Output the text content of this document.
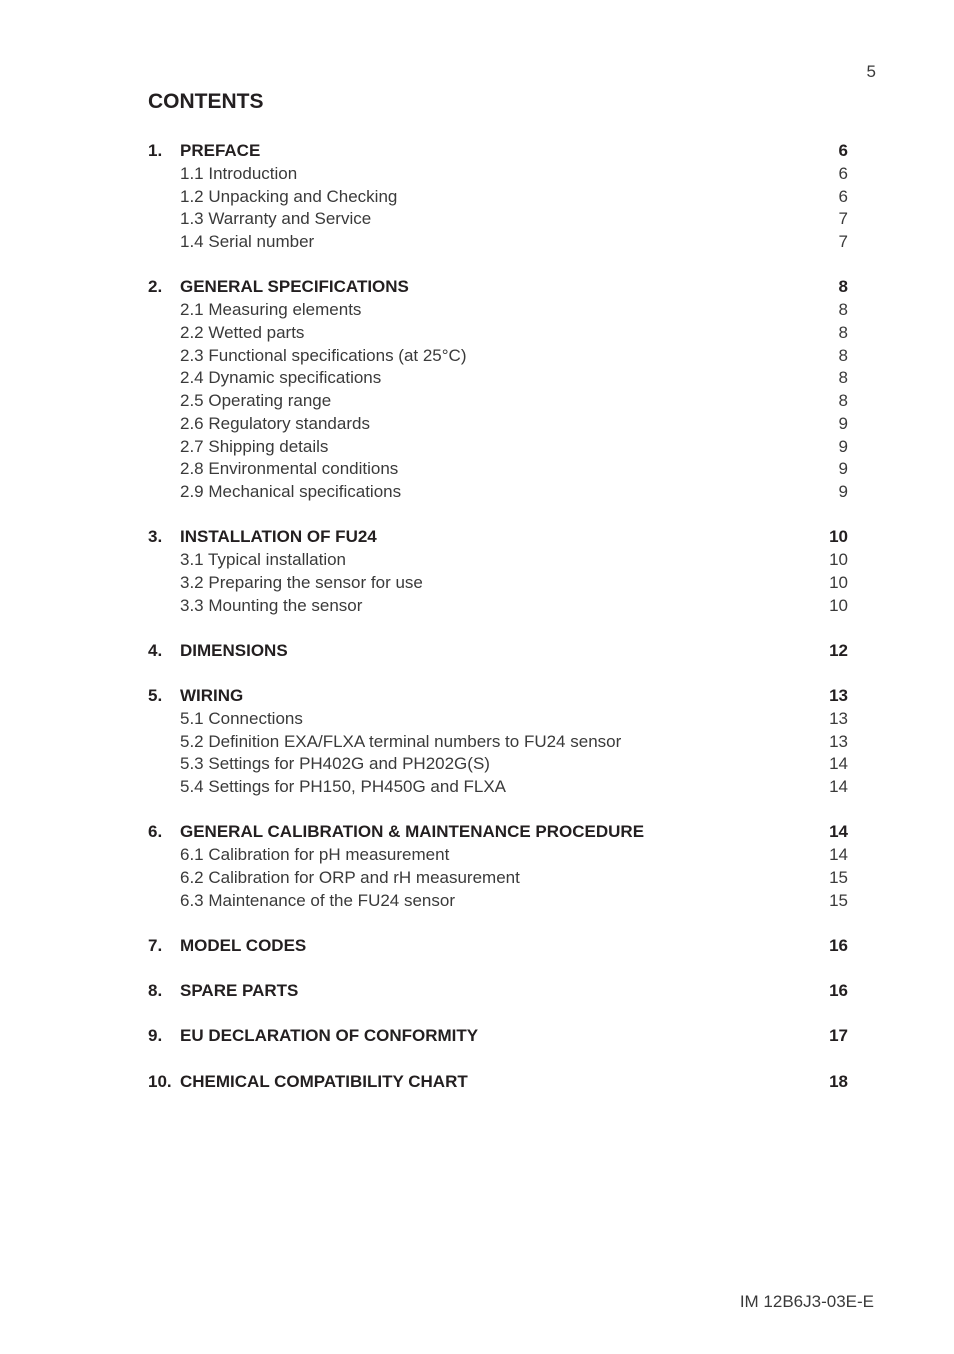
5
CONTENTS
1.	PREFACE	6
1.1 Introduction	6
1.2 Unpacking and Checking	6
1.3 Warranty and Service	7
1.4 Serial number	7
2.	GENERAL SPECIFICATIONS	8
2.1 Measuring elements	8
2.2 Wetted parts	8
2.3 Functional specifications (at 25°C)	8
2.4 Dynamic specifications	8
2.5 Operating range	8
2.6 Regulatory standards	9
2.7 Shipping details	9
2.8 Environmental conditions	9
2.9 Mechanical specifications	9
3.	INSTALLATION OF FU24	10
3.1 Typical installation	10
3.2 Preparing the sensor for use	10
3.3 Mounting the sensor	10
4.	DIMENSIONS	12
5.	WIRING	13
5.1 Connections	13
5.2 Definition EXA/FLXA terminal numbers to FU24 sensor	13
5.3 Settings for PH402G and PH202G(S)	14
5.4 Settings for PH150, PH450G and FLXA	14
6.	GENERAL CALIBRATION & MAINTENANCE PROCEDURE	14
6.1 Calibration for pH measurement	14
6.2 Calibration for ORP and rH measurement	15
6.3 Maintenance of the FU24 sensor	15
7.	MODEL CODES	16
8.	SPARE PARTS	16
9.	EU DECLARATION OF CONFORMITY	17
10. CHEMICAL COMPATIBILITY CHART	18
IM 12B6J3-03E-E
